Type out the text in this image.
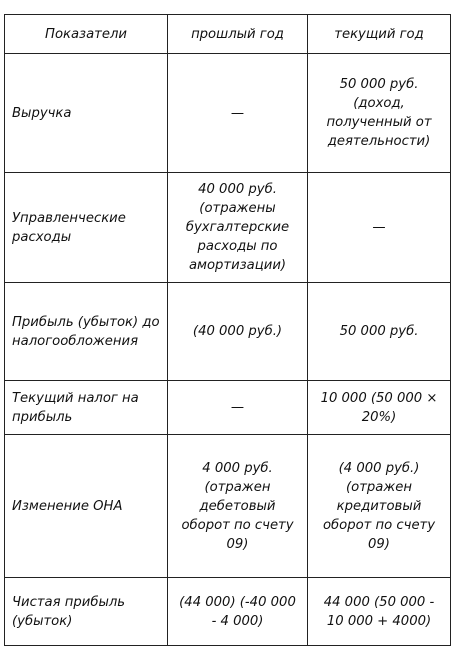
Показатели	прошлый год	текущий год
Выручка	—	50 000 руб. (доход, полученный от деятельности)
Управленческие расходы	40 000 руб. (отражены бухгалтерские расходы по амортизации)	—
Прибыль (убыток) до налогообложения	(40 000 руб.)	50 000 руб.
Текущий налог на прибыль	—	10 000 (50 000 × 20%)
Изменение ОНА	4 000 руб. (отражен дебетовый оборот по счету 09)	(4 000 руб.) (отражен кредитовый оборот по счету 09)
Чистая прибыль (убыток)	(44 000) (-40 000 - 4 000)	44 000 (50 000 - 10 000 + 4000)
